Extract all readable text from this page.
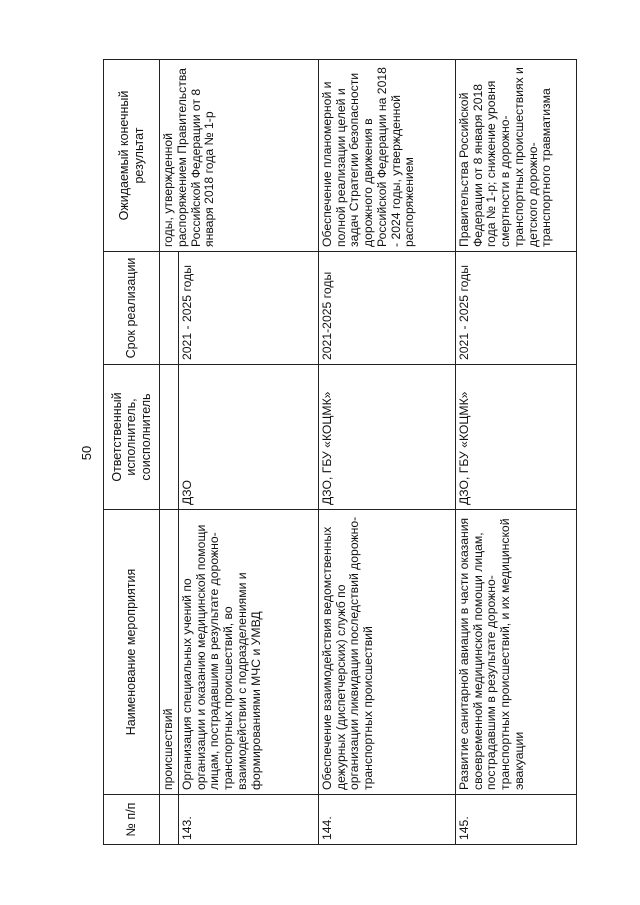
50
№ п/п	Наименование мероприятия	Ответственный исполнитель, соисполнитель	Срок реализации	Ожидаемый конечный результат
	происшествий			годы, утвержденной распоряжением Правительства Российской Федерации от 8 января 2018 года № 1-р
143.	Организация специальных учений по организации и оказанию медицинской помощи лицам, пострадавшим в результате дорожно-транспортных происшествий, во взаимодействии с подразделениями и формированиями МЧС и УМВД	ДЗО	2021 - 2025 годы	
144.	Обеспечение взаимодействия ведомственных дежурных (диспетчерских) служб по организации ликвидации последствий дорожно-транспортных происшествий	ДЗО, ГБУ «КОЦМК»	2021-2025 годы	Обеспечение планомерной и полной реализации целей и задач Стратегии безопасности дорожного движения в Российской Федерации на 2018 - 2024 годы, утвержденной распоряжением
145.	Развитие санитарной авиации в части оказания своевременной медицинской помощи лицам, пострадавшим в результате дорожно-транспортных происшествий, и их медицинской эвакуации	ДЗО, ГБУ «КОЦМК»	2021 - 2025 годы	Правительства Российской Федерации от 8 января 2018 года № 1-р; снижение уровня смертности в дорожно-транспортных происшествиях и детского дорожно-транспортного травматизма
